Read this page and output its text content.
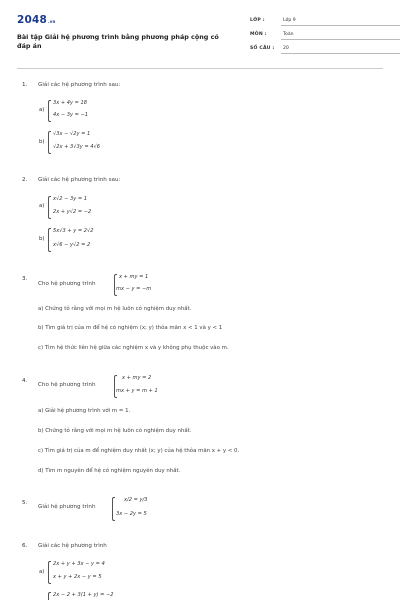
2048.vn
Bài tập Giải hệ phương trình bằng phương pháp cộng có đáp án
LỚP :	Lớp 9
MÔN :	Toán
SỐ CÂU : 20
1. Giải các hệ phương trình sau:
a)
3x + 4y = 18
4x − 3y = −1
b)
√3x − √2y = 1
√2x + 3√3y = 4√6
2. Giải các hệ phương trình sau:
a)
x√2 − 3y = 1
2x + y√2 = −2
b)
5x√3 + y = 2√2
x√6 − y√2 = 2
3.
Cho hệ phương trình
x + my = 1
mx − y = −m
a) Chứng tỏ rằng với mọi m hệ luôn có nghiệm duy nhất.
b) Tìm giá trị của m để hệ có nghiệm (x; y) thỏa mãn x < 1 và y < 1
c) Tìm hệ thức liên hệ giữa các nghiệm x và y không phụ thuộc vào m.
4.
Cho hệ phương trình
x + my = 2
mx + y = m + 1
a) Giải hệ phương trình với m = 1.
b) Chứng tỏ rằng với mọi m hệ luôn có nghiệm duy nhất.
c) Tìm giá trị của m để nghiệm duy nhất (x; y) của hệ thỏa mãn x + y < 0.
d) Tìm m nguyên để hệ có nghiệm nguyên duy nhất.
5.
Giải hệ phương trình
x/2 = y/3
3x − 2y = 5
6. Giải các hệ phương trình
a)
2x + y + 3x − y = 4
x + y + 2x − y = 5
2x − 2 + 3(1 + y) = −2
